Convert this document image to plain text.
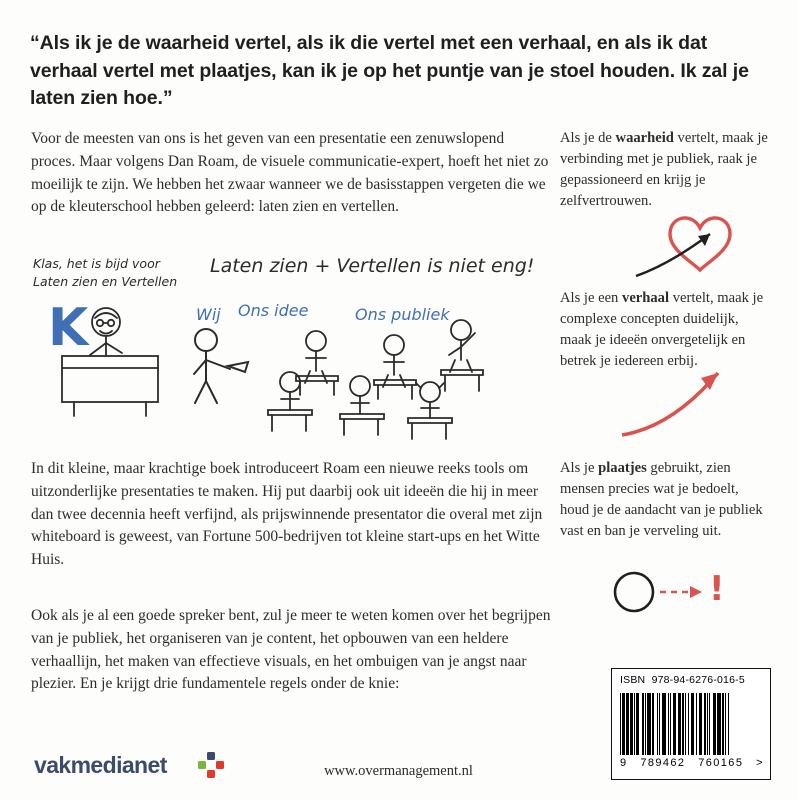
“Als ik je de waarheid vertel, als ik die vertel met een verhaal, en als ik dat verhaal vertel met plaatjes, kan ik je op het puntje van je stoel houden. Ik zal je laten zien hoe.”
Voor de meesten van ons is het geven van een presentatie een zenuwslopend proces. Maar volgens Dan Roam, de visuele communicatie-expert, hoeft het niet zo moeilijk te zijn. We hebben het zwaar wanneer we de basisstappen vergeten die we op de kleuterschool hebben geleerd: laten zien en vertellen.
In dit kleine, maar krachtige boek introduceert Roam een nieuwe reeks tools om uitzonderlijke presentaties te maken. Hij put daarbij ook uit ideeën die hij in meer dan twee decennia heeft verfijnd, als prijswinnende presentator die overal met zijn whiteboard is geweest, van Fortune 500-bedrijven tot kleine start-ups en het Witte Huis.
Ook als je al een goede spreker bent, zul je meer te weten komen over het begrijpen van je publiek, het organiseren van je content, het opbouwen van een heldere verhaallijn, het maken van effectieve visuals, en het ombuigen van je angst naar plezier. En je krijgt drie fundamentele regels onder de knie:
Als je de waarheid vertelt, maak je verbinding met je publiek, raak je gepassioneerd en krijg je zelfvertrouwen.
Als je een verhaal vertelt, maak je complexe concepten duidelijk, maak je ideeën onvergetelijk en betrek je iedereen erbij.
Als je plaatjes gebruikt, zien mensen precies wat je bedoelt, houd je de aandacht van je publiek vast en ban je verveling uit.
Laten zien + Vertellen is niet eng!
Klas, het is bijd voor
Laten zien en Vertellen
K	Wij Ons idee	Ons publiek
!
vakmedianet	www.overmanagement.nl
ISBN 978-94-6276-016-5
9 789462 760165 >
